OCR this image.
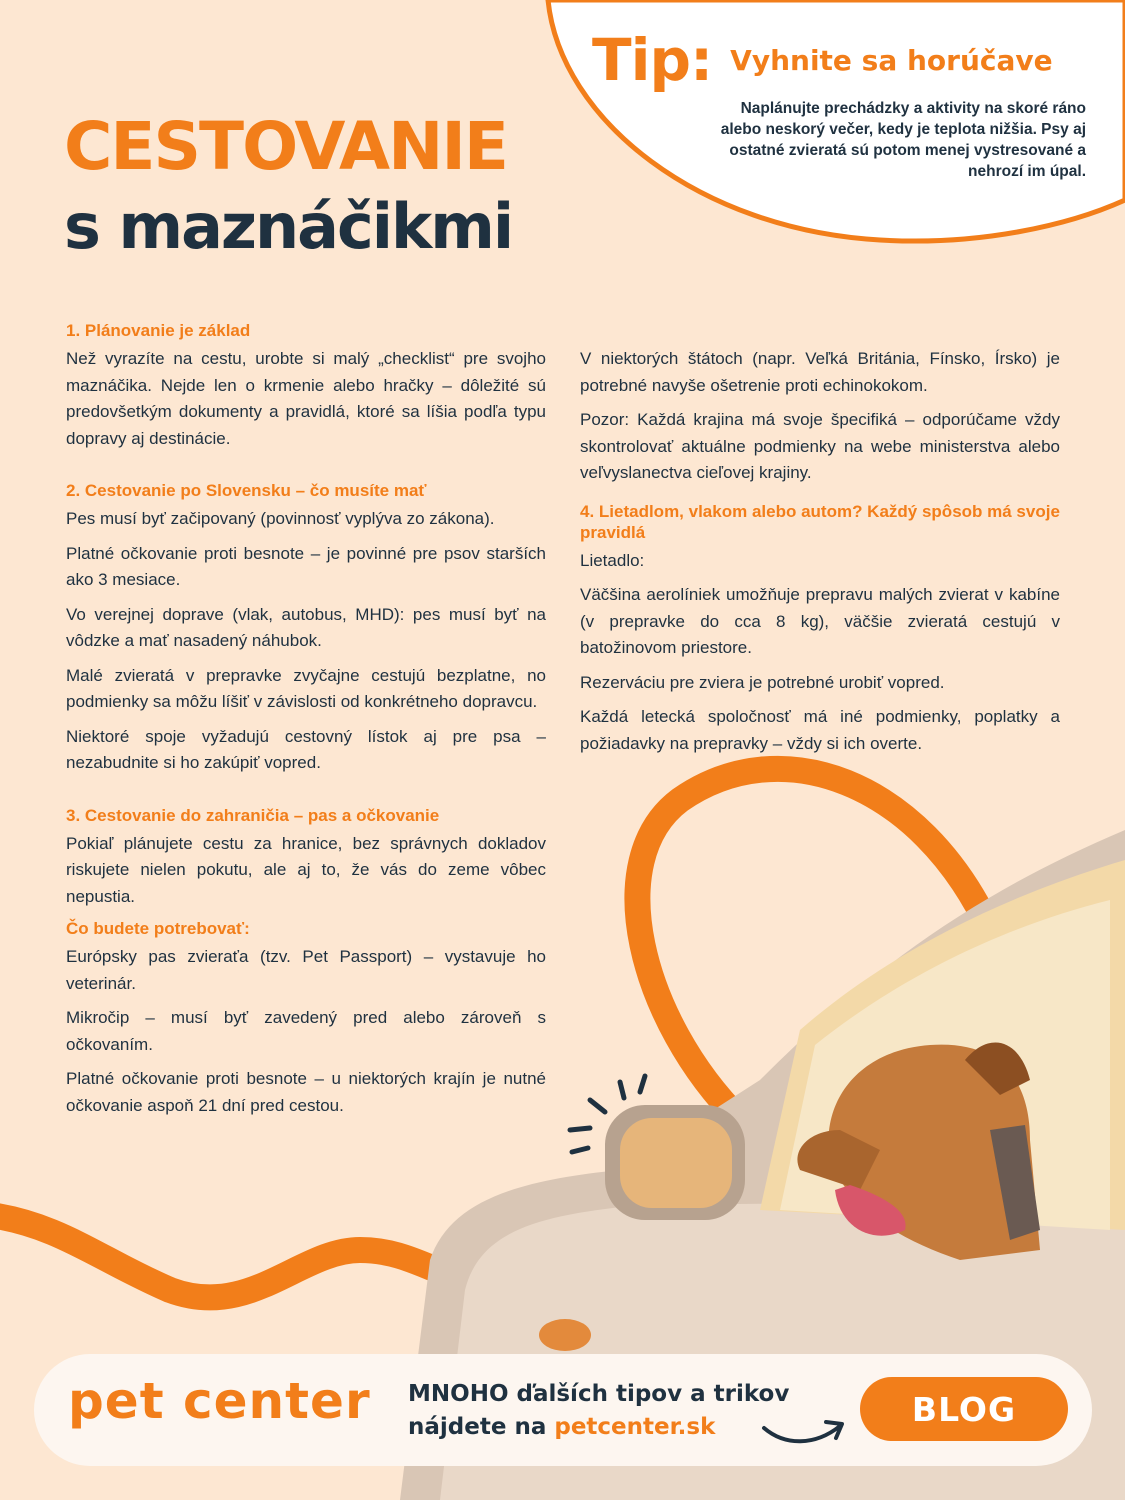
Tip: Vyhnite sa horúčave
Naplánujte prechádzky a aktivity na skoré ráno alebo neskorý večer, kedy je teplota nižšia. Psy aj ostatné zvieratá sú potom menej vystresované a nehrozí im úpal.
CESTOVANIE
s maznáčikmi
1. Plánovanie je základ

Než vyrazíte na cestu, urobte si malý „checklist“ pre svojho maznáčika. Nejde len o krmenie alebo hračky – dôležité sú predovšetkým dokumenty a pravidlá, ktoré sa líšia podľa typu dopravy aj destinácie.

2. Cestovanie po Slovensku – čo musíte mať

Pes musí byť začipovaný (povinnosť vyplýva zo zákona).

Platné očkovanie proti besnote – je povinné pre psov starších ako 3 mesiace.

Vo verejnej doprave (vlak, autobus, MHD): pes musí byť na vôdzke a mať nasadený náhubok.

Malé zvieratá v prepravke zvyčajne cestujú bezplatne, no podmienky sa môžu líšiť v závislosti od konkrétneho dopravcu.

Niektoré spoje vyžadujú cestovný lístok aj pre psa – nezabudnite si ho zakúpiť vopred.

3. Cestovanie do zahraničia – pas a očkovanie

Pokiaľ plánujete cestu za hranice, bez správnych dokladov riskujete nielen pokutu, ale aj to, že vás do zeme vôbec nepustia.

Čo budete potrebovať:

Európsky pas zvieraťa (tzv. Pet Passport) – vystavuje ho veterinár.

Mikročip – musí byť zavedený pred alebo zároveň s očkovaním.

Platné očkovanie proti besnote – u niektorých krajín je nutné očkovanie aspoň 21 dní pred cestou.

V niektorých štátoch (napr. Veľká Británia, Fínsko, Írsko) je potrebné navyše ošetrenie proti echinokokom.

Pozor: Každá krajina má svoje špecifiká – odporúčame vždy skontrolovať aktuálne podmienky na webe ministerstva alebo veľvyslanectva cieľovej krajiny.

4. Lietadlom, vlakom alebo autom? Každý spôsob má svoje pravidlá

Lietadlo:

Väčšina aerolíniek umožňuje prepravu malých zvierat v kabíne (v prepravke do cca 8 kg), väčšie zvieratá cestujú v batožinovom priestore.

Rezerváciu pre zviera je potrebné urobiť vopred.

Každá letecká spoločnosť má iné podmienky, poplatky a požiadavky na prepravky – vždy si ich overte.

pet center MNOHO ďalších tipov a trikov
nájdete na petcenter.sk	BLOG
